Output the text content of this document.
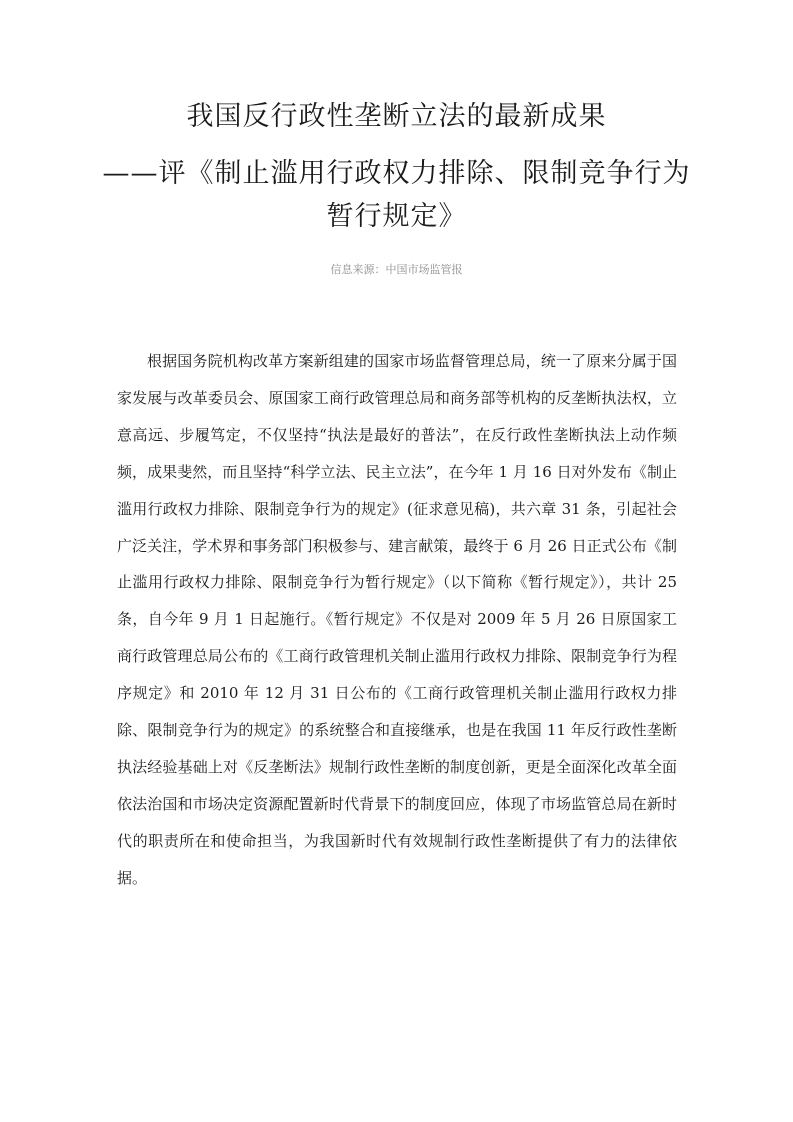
我国反行政性垄断立法的最新成果
——评《制止滥用行政权力排除、限制竞争行为暂行规定》
信息来源：中国市场监管报

根据国务院机构改革方案新组建的国家市场监督管理总局，统一了原来分属于国家发展与改革委员会、原国家工商行政管理总局和商务部等机构的反垄断执法权，立意高远、步履笃定，不仅坚持“执法是最好的普法”，在反行政性垄断执法上动作频频，成果斐然，而且坚持“科学立法、民主立法”，在今年 1 月 16 日对外发布《制止滥用行政权力排除、限制竞争行为的规定》(征求意见稿)，共六章 31 条，引起社会广泛关注，学术界和事务部门积极参与、建言献策，最终于 6 月 26 日正式公布《制止滥用行政权力排除、限制竞争行为暂行规定》（以下简称《暂行规定》），共计 25 条，自今年 9 月 1 日起施行。《暂行规定》不仅是对 2009 年 5 月 26 日原国家工商行政管理总局公布的《工商行政管理机关制止滥用行政权力排除、限制竞争行为程序规定》和 2010 年 12 月 31 日公布的《工商行政管理机关制止滥用行政权力排除、限制竞争行为的规定》的系统整合和直接继承，也是在我国 11 年反行政性垄断执法经验基础上对《反垄断法》规制行政性垄断的制度创新，更是全面深化改革全面依法治国和市场决定资源配置新时代背景下的制度回应，体现了市场监管总局在新时代的职责所在和使命担当，为我国新时代有效规制行政性垄断提供了有力的法律依据。
